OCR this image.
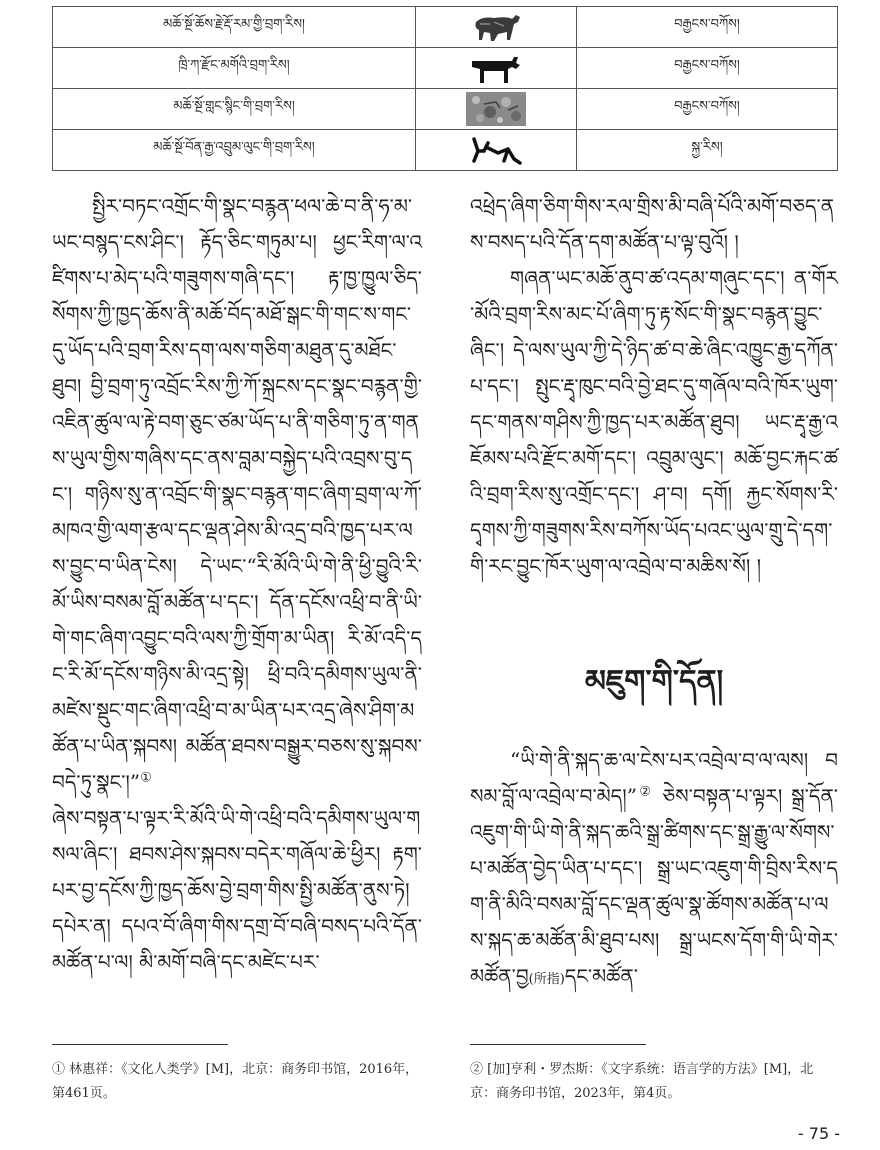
མཆོ་སྔོ་ཆོས་རྗེ་རྡོ་རམ་གྱི་བྲག་རིས།		བརྒྱངས་བཀོས།
ཁྲི་ཀ་རྫོང་མགོའི་བྲག་རིས།		བརྒྱངས་བཀོས།
མཆོ་སྔོ་གླང་སྙིང་གི་བྲག་རིས།		བརྒྱངས་བཀོས།
མཆོ་སྔོ་བོན་རྒྱ་འབྲུམ་ལུང་གི་བྲག་རིས།		སྐྱ་རིས།

སྤྱིར་བཏང་འགྲོང་གི་སྣང་བརྙན་ཕལ་ཆེ་བ་ནི་ཧ་མ་ཡང་བསྙད་ངས་ཤིང་། རྟོད་ཅིང་གཏུམ་པ། ཕྱང་རིག་ལ་འཛིགས་པ་མེད་པའི་གཟུགས་གཞི་དང་། རྟ་ཁྱ་ཁྱུལ་ཅིད་སོགས་ཀྱི་ཁྱད་ཆོས་ནི་མཆོ་བོད་མཐོ་སྒང་གི་གང་ས་གང་དུ་ཡོད་པའི་བྲག་རིས་དག་ལས་གཅིག་མཐུན་དུ་མཐོང་ཐུབ། བྱི་བྲག་ཏུ་འབྲོང་རིས་ཀྱི་ཀོ་སྐྲངས་དང་སྣང་བརྙན་གྱི་འཇིན་ཚུལ་ལ་རྟེ་བག་ཅུང་ཙམ་ཡོད་པ་ནི་གཅིག་ཏུ་ན་གནས་ཡུལ་གྱིས་གཞིས་དང་ནས་བླམ་བསྐྱེད་པའི་འབྲས་བུ་དང་། གཉིས་སུ་ན་འབྲོང་གི་སྣང་བརྙན་གང་ཞིག་བྲག་ལ་ཀོ་མཁའ་གྱི་ལག་རྩལ་དང་ལྡན་ཤེས་མི་འདྲ་བའི་ཁྱད་པར་ལས་བྱུང་བ་ཡིན་ངེས། དེ་ཡང་“རི་མོའི་ཡི་གེ་ནི་ཕྱི་བྱུའི་རི་མོ་ཡིས་བསམ་བློ་མཚོན་པ་དང་། དོན་དངོས་འཕྲི་བ་ནི་ཡི་གེ་གང་ཞིག་འབྱུང་བའི་ལས་ཀྱི་གྲོག་མ་ཡིན། རི་མོ་འདི་དང་རི་མོ་དངོས་གཉིས་མི་འདྲ་སྟེ། ཕྲི་བའི་དམིགས་ཡུལ་ནི་མཛེས་སྡུང་གང་ཞིག་འཕྲི་བ་མ་ཡིན་པར་འདྲ་ཞེས་ཤིག་མཚོན་པ་ཡིན་སྐབས། མཚོན་ཐབས་བསྒྱུར་བཅས་སུ་སྐབས་བདེ་ཏུ་སྣང་།”①

ཞེས་བསྟན་པ་ལྟར་རི་མོའི་ཡི་གེ་འཕྲི་བའི་དམིགས་ཡུལ་གསལ་ཞིང་། ཐབས་ཤེས་སྐབས་བདེར་གཞོལ་ཆེ་ཕྱིར། རྟག་པར་བྱ་དངོས་ཀྱི་ཁྱད་ཆོས་བྱེ་བྲག་གིས་སྤྱི་མཚོན་ནུས་ཏེ། དཔེར་ན། དཔའ་བོ་ཞིག་གིས་དགྲ་བོ་བཞི་བསད་པའི་དོན་མཚོན་པ་ལ། མི་མགོ་བཞི་དང་མཛེང་པར་

འཕྲེད་ཞིག་ཅིག་གིས་རལ་གྲིས་མི་བཞི་པོའི་མགོ་བཅད་ནས་བསད་པའི་དོན་དག་མཚོན་པ་ལྟ་བུའོ། །

གཞན་ཡང་མཆོ་ནུབ་ཚ་འདམ་གཞུང་དང་། ན་གོར་མོའི་བྲག་རིས་མང་པོ་ཞིག་ཏུ་རྟ་སོང་གི་སྣང་བརྙན་བྱུང་ཞིང་། དེ་ལས་ཡུལ་ཀྱི་དེ་ཉིད་ཚ་བ་ཆེ་ཞིང་འཁྱུང་རྒྱ་དཀོན་པ་དང་། སྤུང་རྡྭ་ཁུང་བའི་བྱེ་ཐང་དུ་གཞོལ་བའི་ཁོར་ཡུག་དང་གནས་གཤིས་ཀྱི་ཁྱད་པར་མཚོན་ཐུབ། ཡང་རྡྭ་རྒྱ་འཇོམས་པའི་རྫོང་མགོ་དང་། འབྲུམ་ལུང་། མཆོ་བྱང་རྐང་ཚའི་བྲག་རིས་སུ་འགྲོང་དང་། ཤ་བ། དགོ། རྐྱང་སོགས་རི་དྭགས་ཀྱི་གཟུགས་རིས་བཀོས་ཡོད་པའང་ཡུལ་གྲུ་དེ་དག་གི་རང་བྱུང་ཁོར་ཡུག་ལ་འབྲེལ་བ་མཆིས་སོ། །

མཇུག་གི་དོན།

“ཡི་གེ་ནི་སྐད་ཆ་ལ་ངེས་པར་འབྲེལ་བ་ལ་ལས། བསམ་བློ་ལ་འབྲེལ་བ་མེད།”② ཅེས་བསྟན་པ་ལྟར། སྒྲ་དོན་འཇུག་གི་ཡི་གེ་ནི་སྐད་ཆའི་སྒྲ་ཚིགས་དང་སྒྲ་རྒྱུ་ལ་སོགས་པ་མཚོན་བྱེད་ཡིན་པ་དང་། སྒྲ་ཡང་འཇུག་གི་བྲིས་རིས་དག་ནི་མིའི་བསམ་བློ་དང་ལྡན་ཚུལ་སྣ་ཚོགས་མཚོན་པ་ལས་སྐད་ཆ་མཚོན་མི་ཐུབ་པས། སྒྲ་ཡངས་དོག་གི་ཡི་གེར་མཚོན་བྱ(所指)དང་མཚོན་

① 林惠祥：《文化人类学》[M]，北京：商务印书馆，2016年，第461页。
② [加]亨利・罗杰斯：《文字系统：语言学的方法》[M]，北京：商务印书馆，2023年，第4页。
- 75 -
